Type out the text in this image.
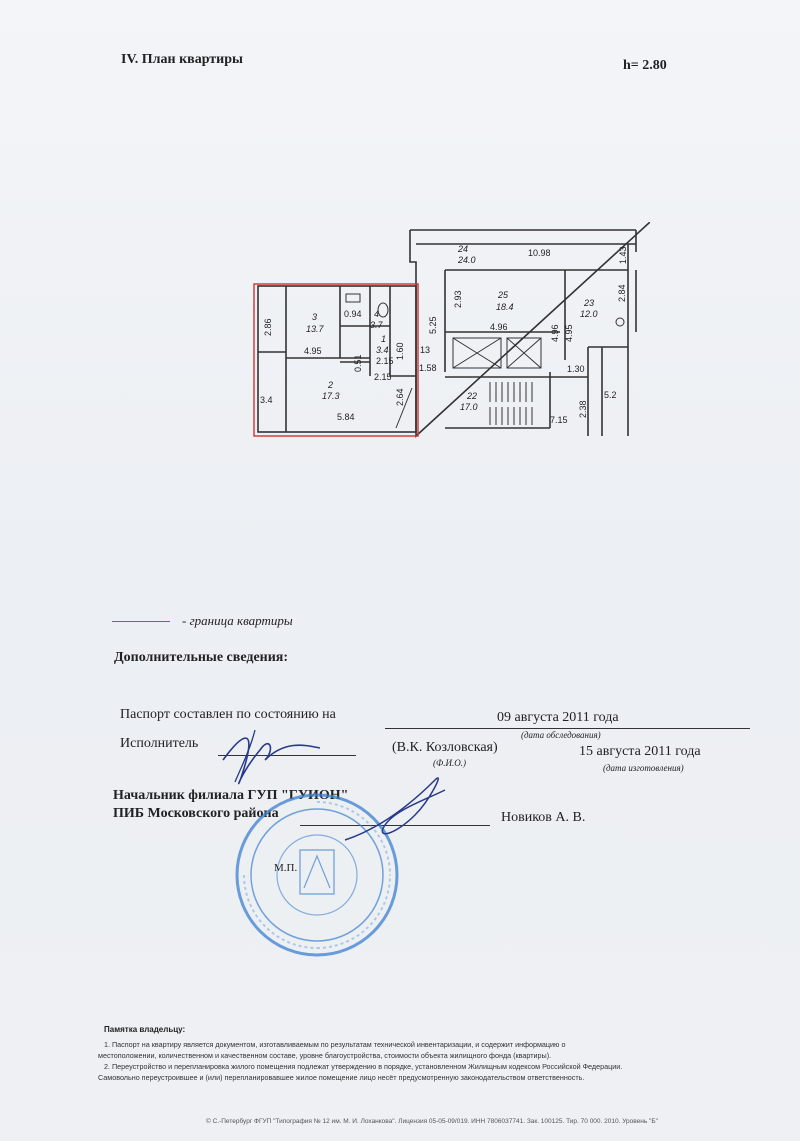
IV. План квартиры	h= 2.80
24
24.0
10.98	1.43
2.84
2.93	25
18.4
5.25	4.96	4.96 4.95
23
12.0
2.86
3
13.7
0.94 4
3.7
4.95
1
3.4 1.60 13
2.15
2.15
0.51
2
17.3
3.4
5.84
2.64
1.58	1.30
22
17.0
7.15
2.38
5.2
- граница квартиры
Дополнительные сведения:
Паспорт составлен по состоянию на	09 августа 2011 года
(дата обследования)
Исполнитель	(В.К. Козловская)
(Ф.И.О.)
15 августа 2011 года
(дата изготовления)
Начальник филиала ГУП "ГУИОН"
ПИБ Московского района	Новиков А. В.
М.П.
Памятка владельцу:
1. Паспорт на квартиру является документом, изготавливаемым по результатам технической инвентаризации, и содержит информацию о
местоположении, количественном и качественном составе, уровне благоустройства, стоимости объекта жилищного фонда (квартиры).
2. Переустройство и перепланировка жилого помещения подлежат утверждению в порядке, установленном Жилищным кодексом Российской Федерации.
Самовольно переустроившее и (или) перепланировавшее жилое помещение лицо несёт предусмотренную законодательством ответственность.
© С.-Петербург ФГУП "Типография № 12 им. М. И. Лоханкова". Лицензия 05-05-09/019. ИНН 7806037741. Зак. 100125. Тир. 70 000. 2010. Уровень "Б"
